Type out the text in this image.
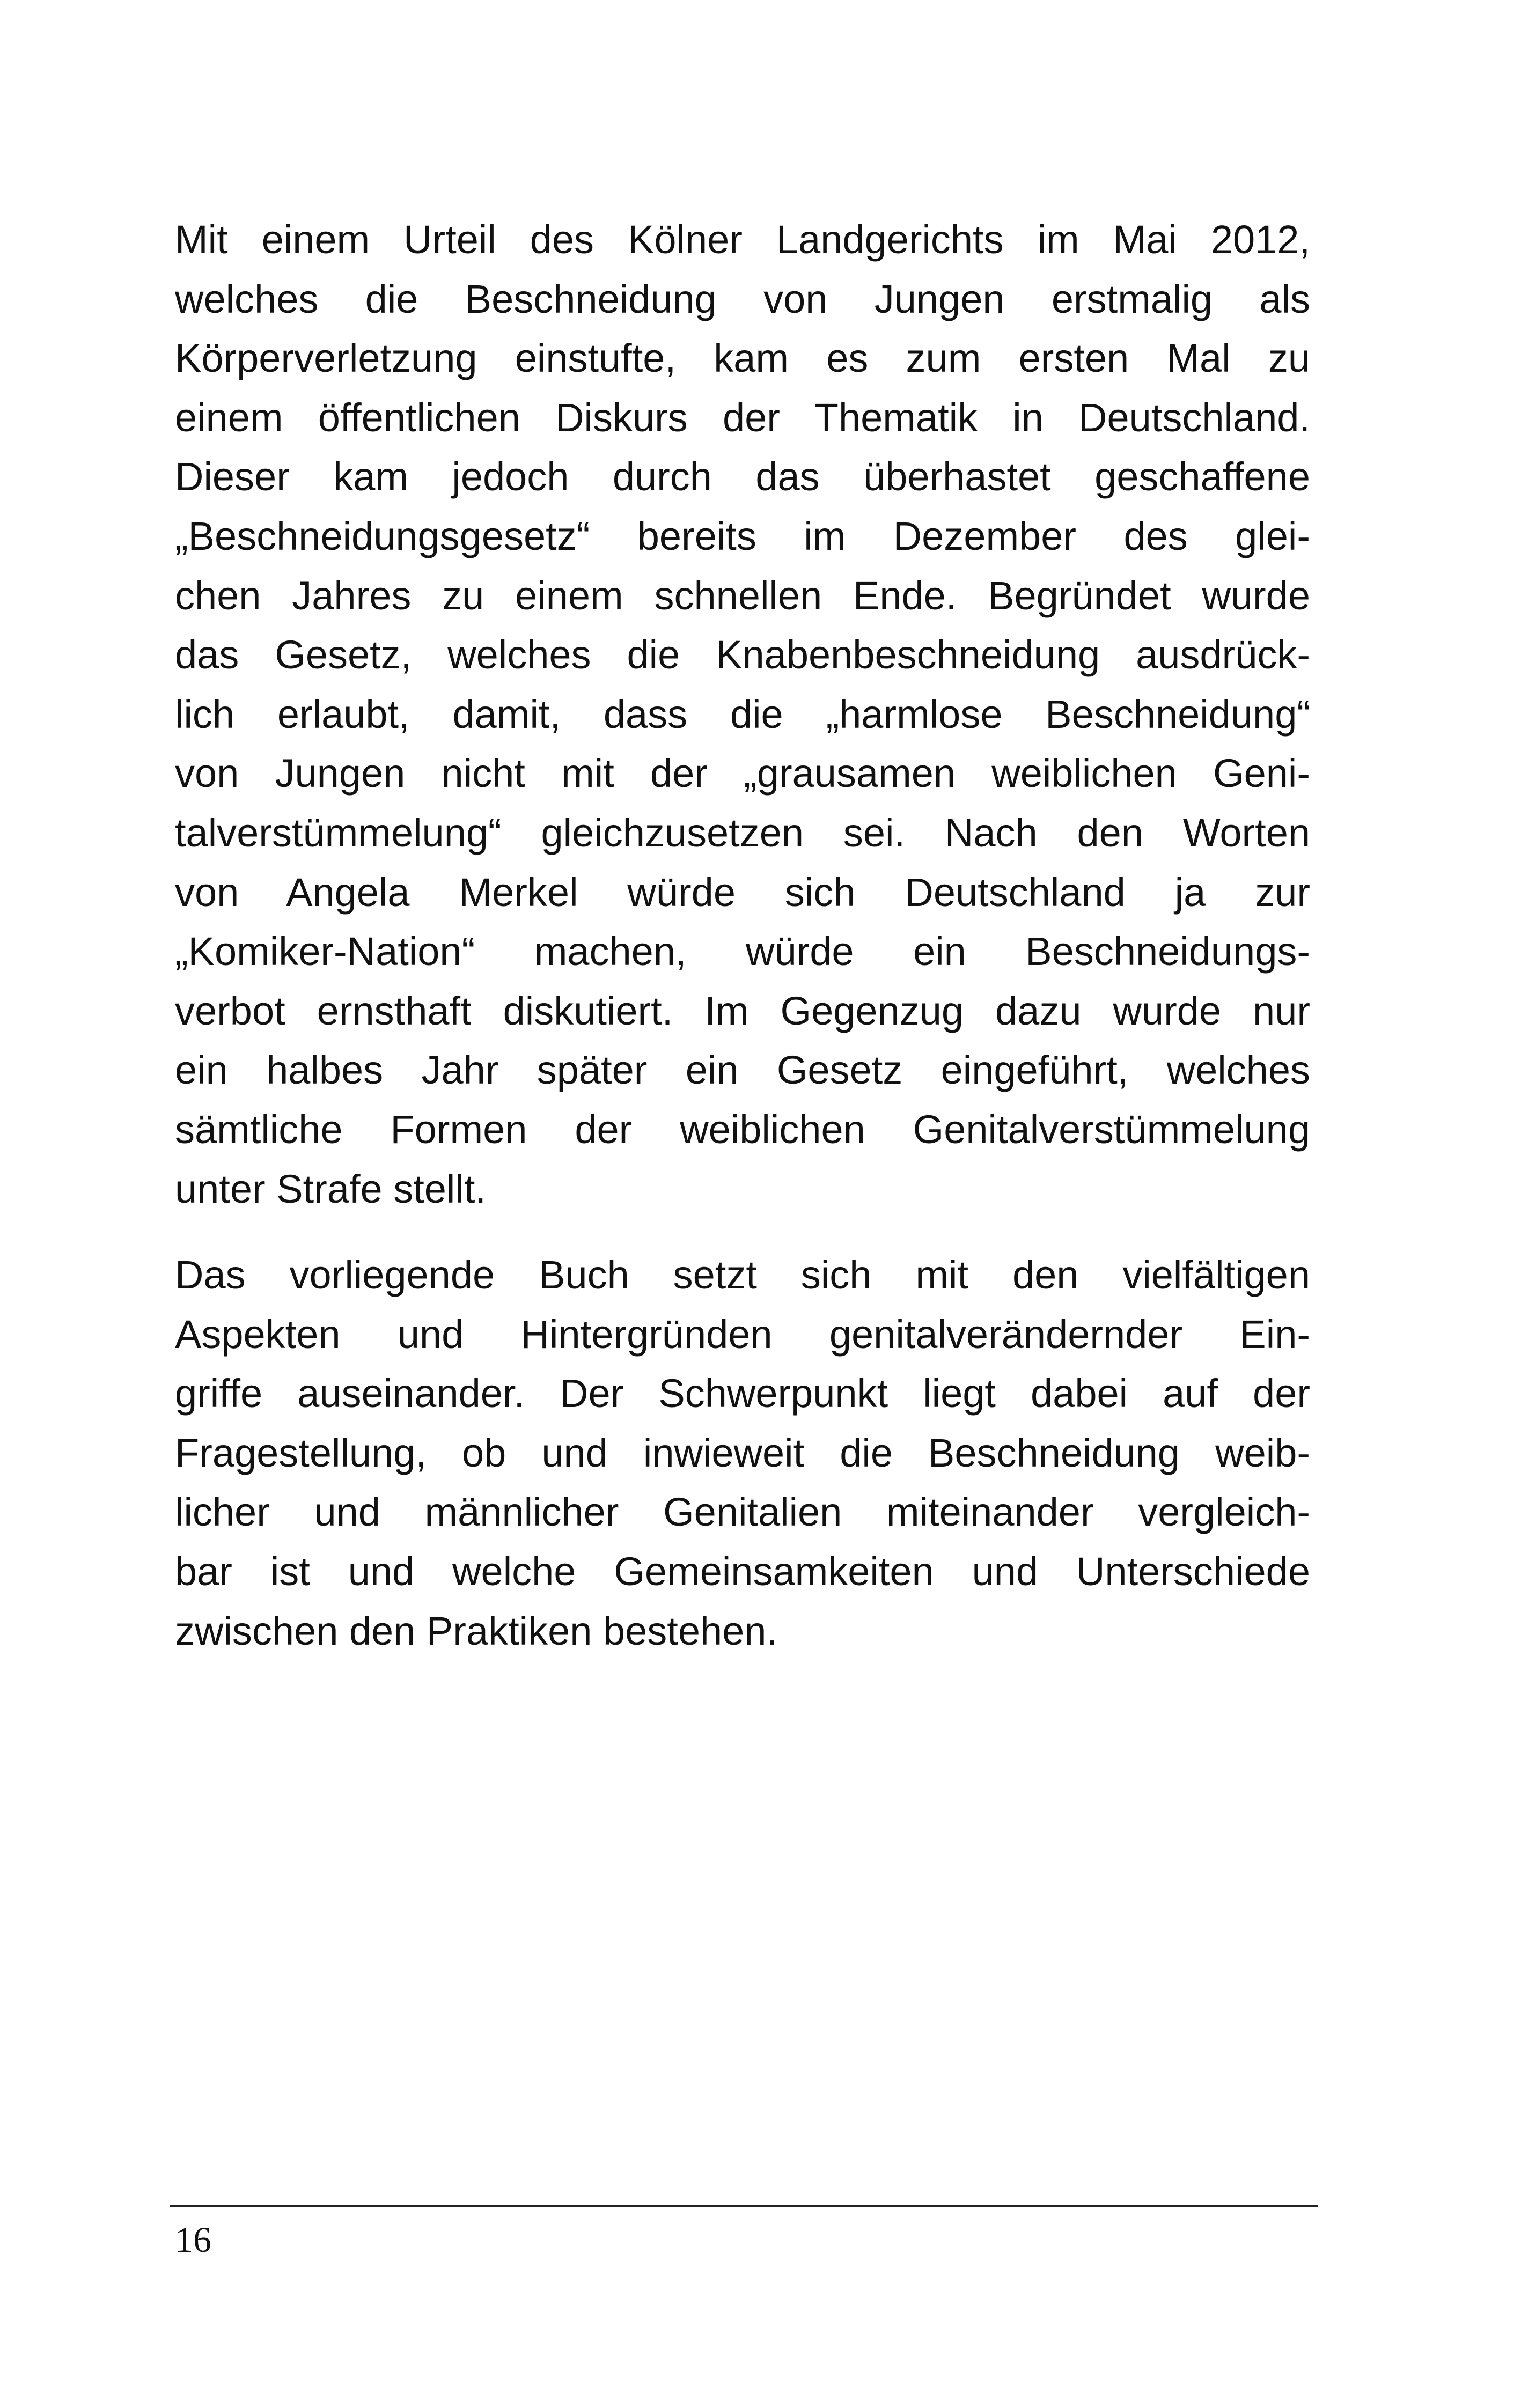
Mit einem Urteil des Kölner Landgerichts im Mai 2012,
welches die Beschneidung von Jungen erstmalig als
Körperverletzung einstufte, kam es zum ersten Mal zu
einem öffentlichen Diskurs der Thematik in Deutschland.
Dieser kam jedoch durch das überhastet geschaffene
„Beschneidungsgesetz“ bereits im Dezember des glei-
chen Jahres zu einem schnellen Ende. Begründet wurde
das Gesetz, welches die Knabenbeschneidung ausdrück-
lich erlaubt, damit, dass die „harmlose Beschneidung“
von Jungen nicht mit der „grausamen weiblichen Geni-
talverstümmelung“ gleichzusetzen sei. Nach den Worten
von Angela Merkel würde sich Deutschland ja zur
„Komiker-Nation“ machen, würde ein Beschneidungs-
verbot ernsthaft diskutiert. Im Gegenzug dazu wurde nur
ein halbes Jahr später ein Gesetz eingeführt, welches
sämtliche Formen der weiblichen Genitalverstümmelung
unter Strafe stellt.

Das vorliegende Buch setzt sich mit den vielfältigen
Aspekten und Hintergründen genitalverändernder Ein-
griffe auseinander. Der Schwerpunkt liegt dabei auf der
Fragestellung, ob und inwieweit die Beschneidung weib-
licher und männlicher Genitalien miteinander vergleich-
bar ist und welche Gemeinsamkeiten und Unterschiede
zwischen den Praktiken bestehen.

16
